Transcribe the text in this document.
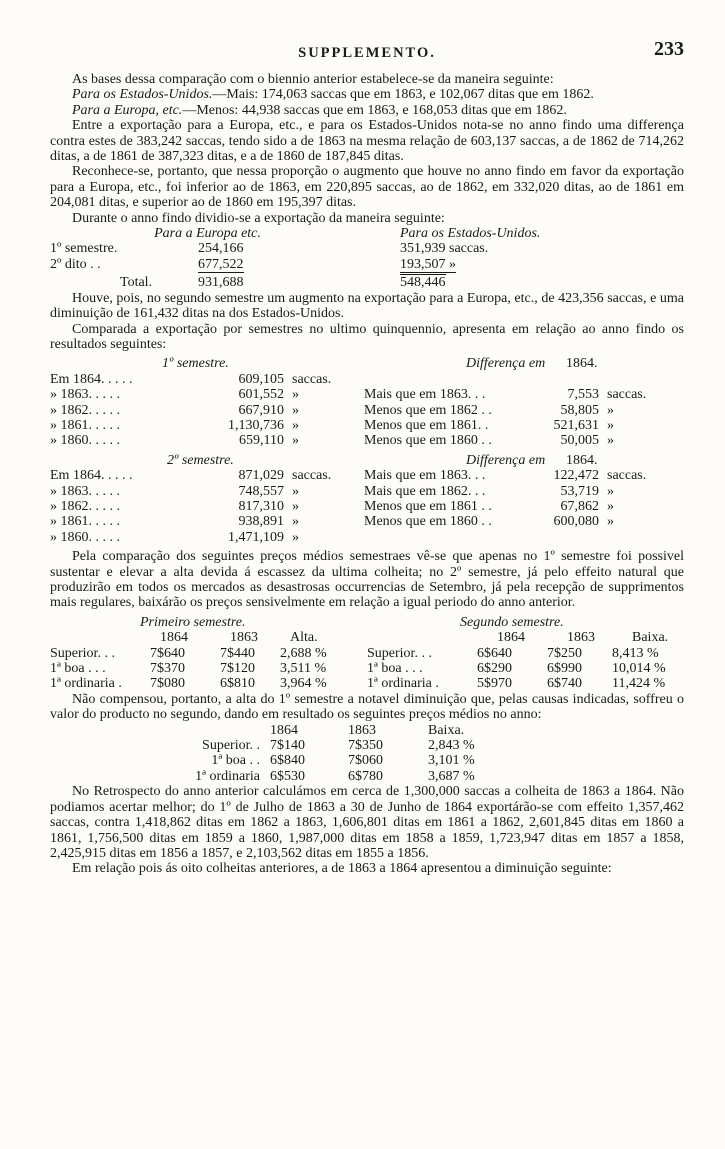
SUPPLEMENTO.	233

As bases dessa comparação com o biennio anterior estabelece-se da maneira seguinte:

Para os Estados-Unidos.—Mais: 174,063 saccas que em 1863, e 102,067 ditas que em 1862.

Para a Europa, etc.—Menos: 44,938 saccas que em 1863, e 168,053 ditas que em 1862.

Entre a exportação para a Europa, etc., e para os Estados-Unidos nota-se no anno findo uma differença contra estes de 383,242 saccas, tendo sido a de 1863 na mesma relação de 603,137 saccas, a de 1862 de 714,262 ditas, a de 1861 de 387,323 ditas, e a de 1860 de 187,845 ditas.

Reconhece-se, portanto, que nessa proporção o augmento que houve no anno findo em favor da exportação para a Europa, etc., foi inferior ao de 1863, em 220,895 saccas, ao de 1862, em 332,020 ditas, ao de 1861 em 204,081 ditas, e superior ao de 1860 em 195,397 ditas.

Durante o anno findo dividio-se a exportação da maneira seguinte:

Para a Europa etc.	Para os Estados-Unidos.
1º semestre.	254,166	351,939 saccas.
2º dito . .	677,522	193,507 »
Total.	931,688	548,446

Houve, pois, no segundo semestre um augmento na exportação para a Europa, etc., de 423,356 saccas, e uma diminuição de 161,432 ditas na dos Estados-Unidos.

Comparada a exportação por semestres no ultimo quinquennio, apresenta em relação ao anno findo os resultados seguintes:

1º semestre.	Differença em	1864.
Em 1864. . . . .	609,105 saccas.
» 1863. . . . .	601,552 »	Mais que em 1863. . .	7,553 saccas.
» 1862. . . . .	667,910 »	Menos que em 1862 . .	58,805 »
» 1861. . . . .	1,130,736 »	Menos que em 1861. .	521,631 »
» 1860. . . . .	659,110 »	Menos que em 1860 . .	50,005 »
2º semestre.	Differença em	1864.
Em 1864. . . . .	871,029 saccas.	Mais que em 1863. . .	122,472 saccas.
» 1863. . . . .	748,557 »	Mais que em 1862. . .	53,719 »
» 1862. . . . .	817,310 »	Menos que em 1861 . .	67,862 »
» 1861. . . . .	938,891 »	Menos que em 1860 . .	600,080 »
» 1860. . . . .	1,471,109 »

Pela comparação dos seguintes preços médios semestraes vê-se que apenas no 1º semestre foi possivel sustentar e elevar a alta devida á escassez da ultima colheita; no 2º semestre, já pelo effeito natural que produzirão em todos os mercados as desastrosas occurrencias de Setembro, já pela recepção de supprimentos mais regulares, baixárão os preços sensivelmente em relação a igual periodo do anno anterior.

Primeiro semestre.	Segundo semestre.
1864	1863	Alta.	1864	1863	Baixa.
Superior. . .	7$640	7$440	2,688 %	Superior. . .	6$640	7$250	8,413 %
1ª boa . . .	7$370	7$120	3,511 %	1ª boa . . .	6$290	6$990	10,014 %
1ª ordinaria .	7$080	6$810	3,964 %	1ª ordinaria .	5$970	6$740	11,424 %

Não compensou, portanto, a alta do 1º semestre a notavel diminuição que, pelas causas indicadas, soffreu o valor do producto no segundo, dando em resultado os seguintes preços médios no anno:

1864	1863	Baixa.
Superior. . 7$140	7$350	2,843 %
1ª boa . . 6$840	7$060	3,101 %
1ª ordinaria 6$530	6$780	3,687 %

No Retrospecto do anno anterior calculámos em cerca de 1,300,000 saccas a colheita de 1863 a 1864. Não podiamos acertar melhor; do 1º de Julho de 1863 a 30 de Junho de 1864 exportárão-se com effeito 1,357,462 saccas, contra 1,418,862 ditas em 1862 a 1863, 1,606,801 ditas em 1861 a 1862, 2,601,845 ditas em 1860 a 1861, 1,756,500 ditas em 1859 a 1860, 1,987,000 ditas em 1858 a 1859, 1,723,947 ditas em 1857 a 1858, 2,425,915 ditas em 1856 a 1857, e 2,103,562 ditas em 1855 a 1856.

Em relação pois ás oito colheitas anteriores, a de 1863 a 1864 apresentou a diminuição seguinte:
